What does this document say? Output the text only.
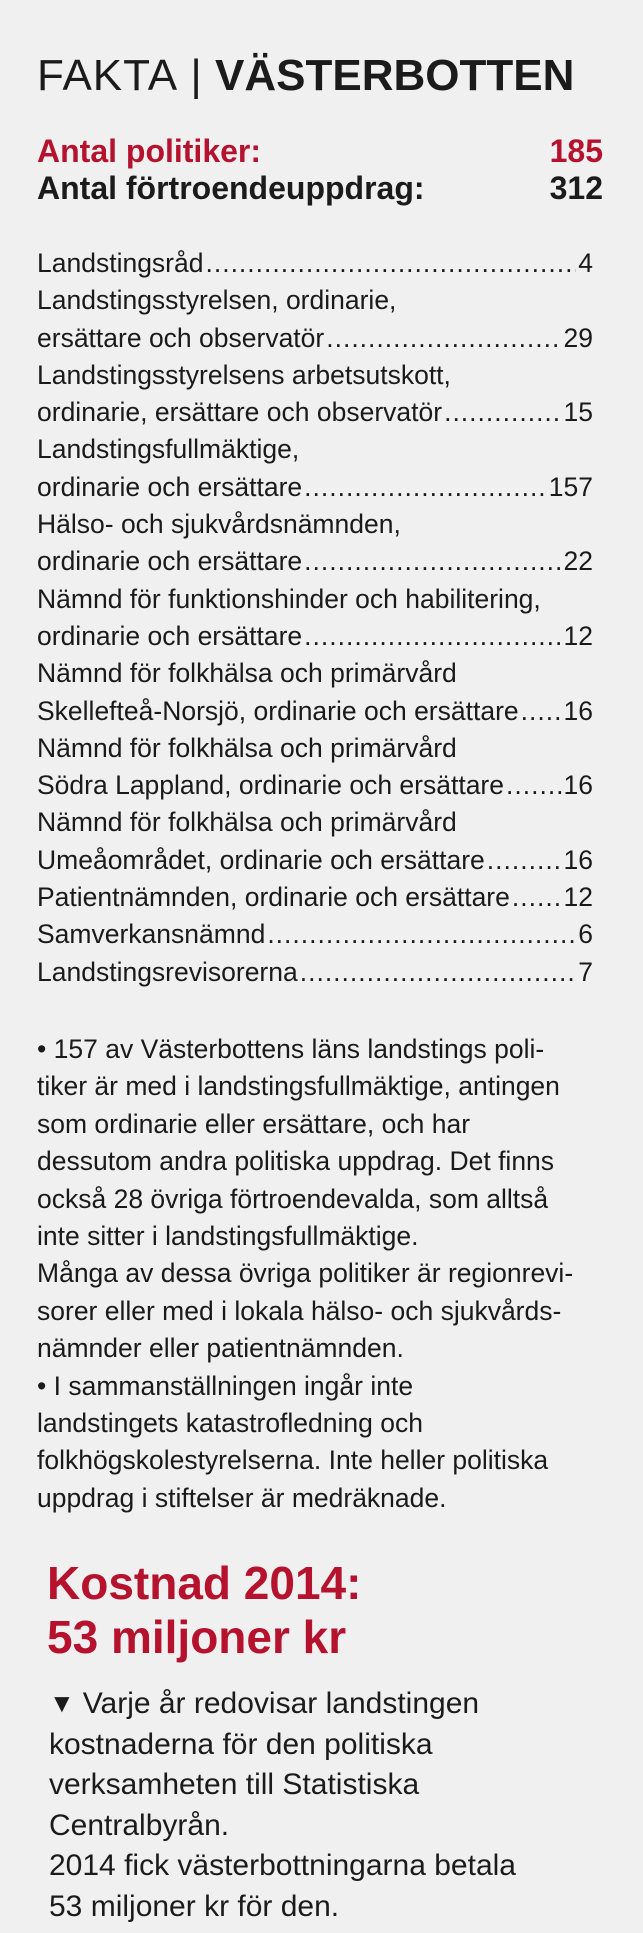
FAKTA | VÄSTERBOTTEN
Antal politiker:	185
Antal förtroendeuppdrag:	312
Landstingsråd .....	4
Landstingsstyrelsen, ordinarie,
ersättare och observatör .....	29
Landstingsstyrelsens arbetsutskott,
ordinarie, ersättare och observatör .....	15
Landstingsfullmäktige,
ordinarie och ersättare .....	157
Hälso- och sjukvårdsnämnden,
ordinarie och ersättare .....	22
Nämnd för funktionshinder och habilitering,
ordinarie och ersättare .....	12
Nämnd för folkhälsa och primärvård
Skellefteå-Norsjö, ordinarie och ersättare ..... 16
Nämnd för folkhälsa och primärvård
Södra Lappland, ordinarie och ersättare ..... 16
Nämnd för folkhälsa och primärvård
Umeåområdet, ordinarie och ersättare .....	16
Patientnämnden, ordinarie och ersättare ..... 12
Samverkansnämnd .....	6
Landstingsrevisorerna .....	7

• 157 av Västerbottens läns landstings poli-

tiker är med i landstingsfullmäktige, antingen

som ordinarie eller ersättare, och har

dessutom andra politiska uppdrag. Det finns

också 28 övriga förtroendevalda, som alltså

inte sitter i landstingsfullmäktige.

Många av dessa övriga politiker är regionrevi-

sorer eller med i lokala hälso- och sjukvårds-

nämnder eller patientnämnden.

• I sammanställningen ingår inte

landstingets katastrofledning och

folkhögskolestyrelserna. Inte heller politiska

uppdrag i stiftelser är medräknade.

Kostnad 2014:
53 miljoner kr
▼ Varje år redovisar landstingen
kostnaderna för den politiska
verksamheten till Statistiska
Centralbyrån.
2014 fick västerbottningarna betala
53 miljoner kr för den.
